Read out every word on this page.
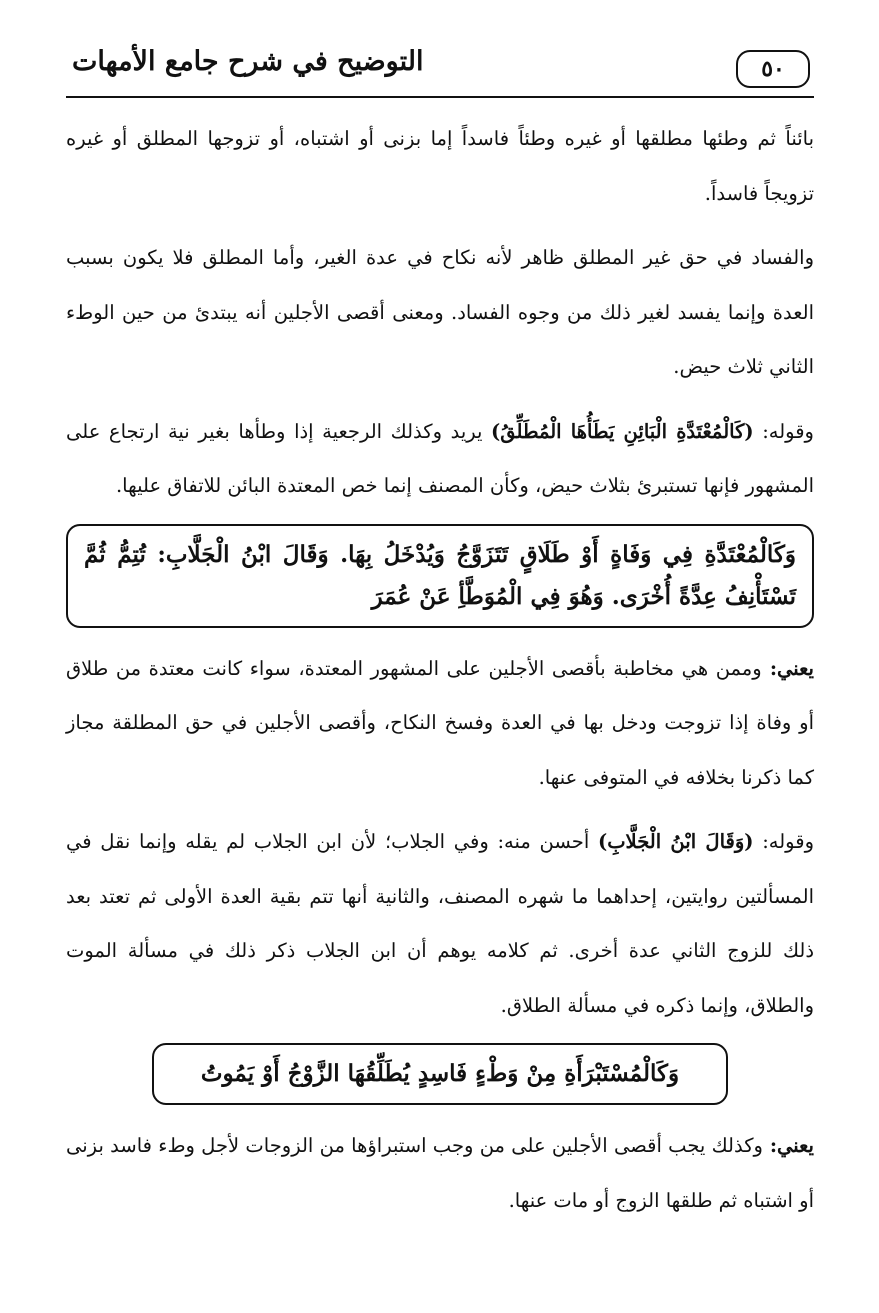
٥٠
التوضيح في شرح جامع الأمهات

بائناً ثم وطئها مطلقها أو غيره وطئاً فاسداً إما بزنى أو اشتباه، أو تزوجها المطلق أو غيره تزويجاً فاسداً.

والفساد في حق غير المطلق ظاهر لأنه نكاح في عدة الغير، وأما المطلق فلا يكون بسبب العدة وإنما يفسد لغير ذلك من وجوه الفساد. ومعنى أقصى الأجلين أنه يبتدئ من حين الوطء الثاني ثلاث حيض.

وقوله: (كَالْمُعْتَدَّةِ الْبَائِنِ يَطَأُهَا الْمُطَلِّقُ) يريد وكذلك الرجعية إذا وطأها بغير نية ارتجاع على المشهور فإنها تستبرئ بثلاث حيض، وكأن المصنف إنما خص المعتدة البائن للاتفاق عليها.

وَكَالْمُعْتَدَّةِ فِي وَفَاةٍ أَوْ طَلَاقٍ تَتَزَوَّجُ وَيُدْخَلُ بِهَا. وَقَالَ ابْنُ الْجَلَّابِ: تُتِمُّ ثُمَّ تَسْتَأْنِفُ عِدَّةً أُخْرَى. وَهُوَ فِي الْمُوَطَّأِ عَنْ عُمَرَ

يعني: وممن هي مخاطبة بأقصى الأجلين على المشهور المعتدة، سواء كانت معتدة من طلاق أو وفاة إذا تزوجت ودخل بها في العدة وفسخ النكاح، وأقصى الأجلين في حق المطلقة مجاز كما ذكرنا بخلافه في المتوفى عنها.

وقوله: (وَقَالَ ابْنُ الْجَلَّابِ) أحسن منه: وفي الجلاب؛ لأن ابن الجلاب لم يقله وإنما نقل في المسألتين روايتين، إحداهما ما شهره المصنف، والثانية أنها تتم بقية العدة الأولى ثم تعتد بعد ذلك للزوج الثاني عدة أخرى. ثم كلامه يوهم أن ابن الجلاب ذكر ذلك في مسألة الموت والطلاق، وإنما ذكره في مسألة الطلاق.

وَكَالْمُسْتَبْرَأَةِ مِنْ وَطْءٍ فَاسِدٍ يُطَلِّقُهَا الزَّوْجُ أَوْ يَمُوتُ

يعني: وكذلك يجب أقصى الأجلين على من وجب استبراؤها من الزوجات لأجل وطء فاسد بزنى أو اشتباه ثم طلقها الزوج أو مات عنها.
